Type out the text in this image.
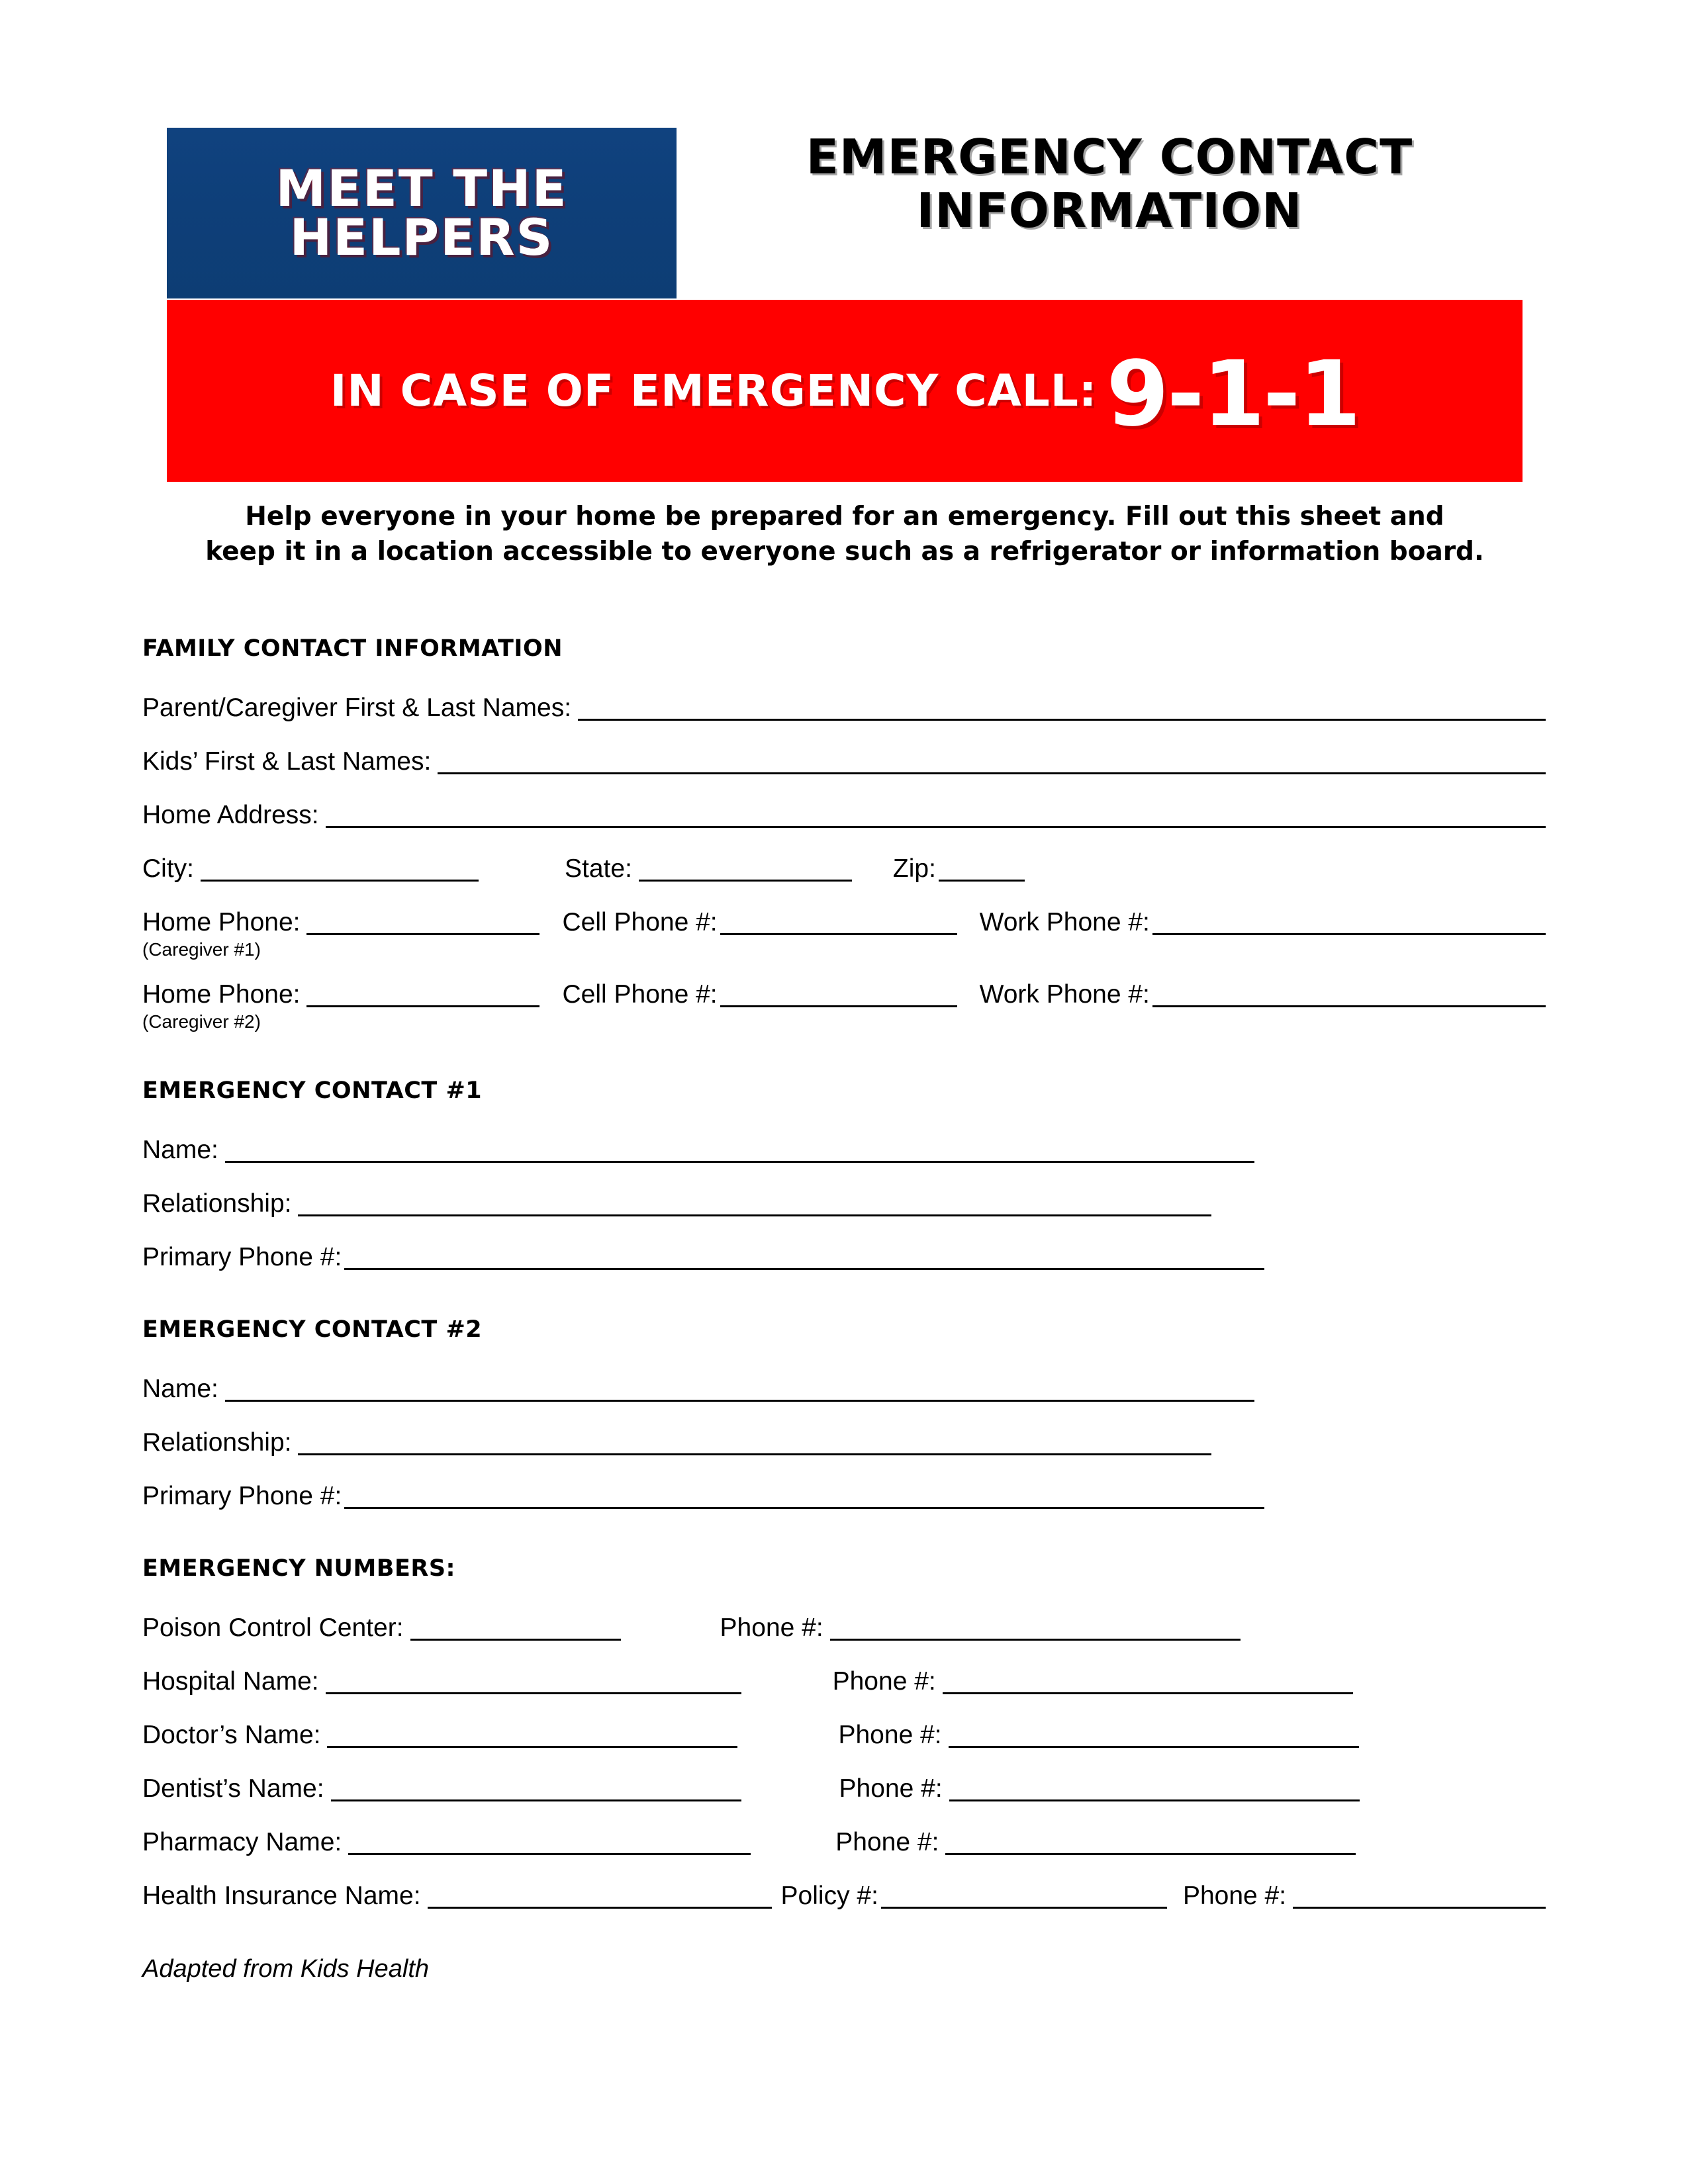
MEET THE
HELPERS
EMERGENCY CONTACT
INFORMATION
IN CASE OF EMERGENCY CALL: 9-1-1
Help everyone in your home be prepared for an emergency. Fill out this sheet and
keep it in a location accessible to everyone such as a refrigerator or information board.
FAMILY CONTACT INFORMATION
Parent/Caregiver First & Last Names:
Kids’ First & Last Names:
Home Address:
City:	State:	Zip:
Home Phone:	Cell Phone #:	Work Phone #:
(Caregiver #1)
Home Phone:	Cell Phone #:	Work Phone #:
(Caregiver #2)
EMERGENCY CONTACT #1
Name:
Relationship:
Primary Phone #:
EMERGENCY CONTACT #2
Name:
Relationship:
Primary Phone #:
EMERGENCY NUMBERS:
Poison Control Center:	Phone #:
Hospital Name:	Phone #:
Doctor’s Name:	Phone #:
Dentist’s Name:	Phone #:
Pharmacy Name:	Phone #:
Health Insurance Name:	Policy #:	Phone #:
Adapted from Kids Health
